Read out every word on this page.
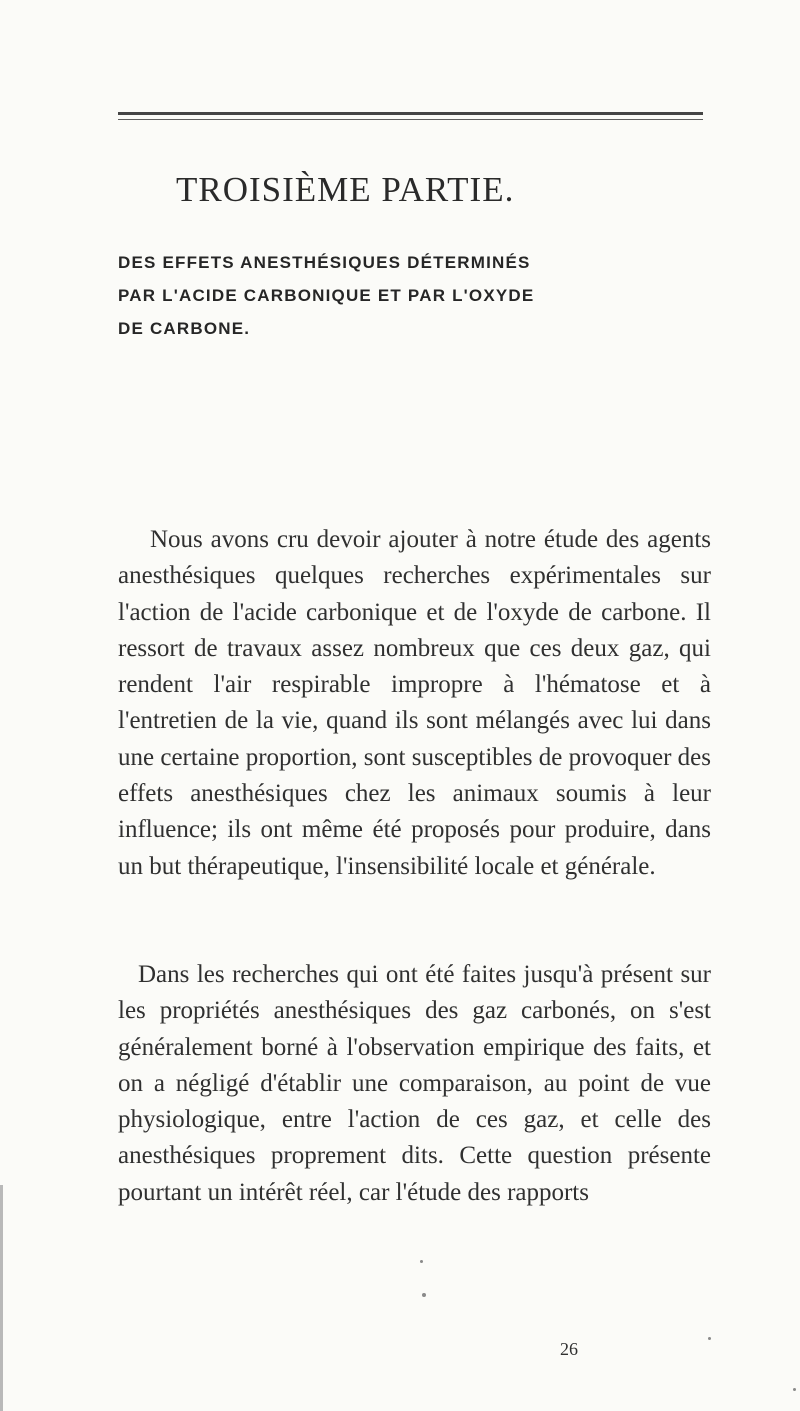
TROISIÈME PARTIE.
DES EFFETS ANESTHÉSIQUES DÉTERMINÉS
PAR L'ACIDE CARBONIQUE ET PAR L'OXYDE
DE CARBONE.

Nous avons cru devoir ajouter à notre étude des agents anesthésiques quelques recherches expérimentales sur l'action de l'acide carbonique et de l'oxyde de carbone. Il ressort de travaux assez nombreux que ces deux gaz, qui rendent l'air respirable impropre à l'hématose et à l'entretien de la vie, quand ils sont mélangés avec lui dans une certaine proportion, sont susceptibles de provoquer des effets anesthésiques chez les animaux soumis à leur influence; ils ont même été proposés pour produire, dans un but thérapeutique, l'insensibilité locale et générale.

Dans les recherches qui ont été faites jusqu'à présent sur les propriétés anesthésiques des gaz carbonés, on s'est généralement borné à l'observation empirique des faits, et on a négligé d'établir une comparaison, au point de vue physiologique, entre l'action de ces gaz, et celle des anesthésiques proprement dits. Cette question présente pourtant un intérêt réel, car l'étude des rapports

26
